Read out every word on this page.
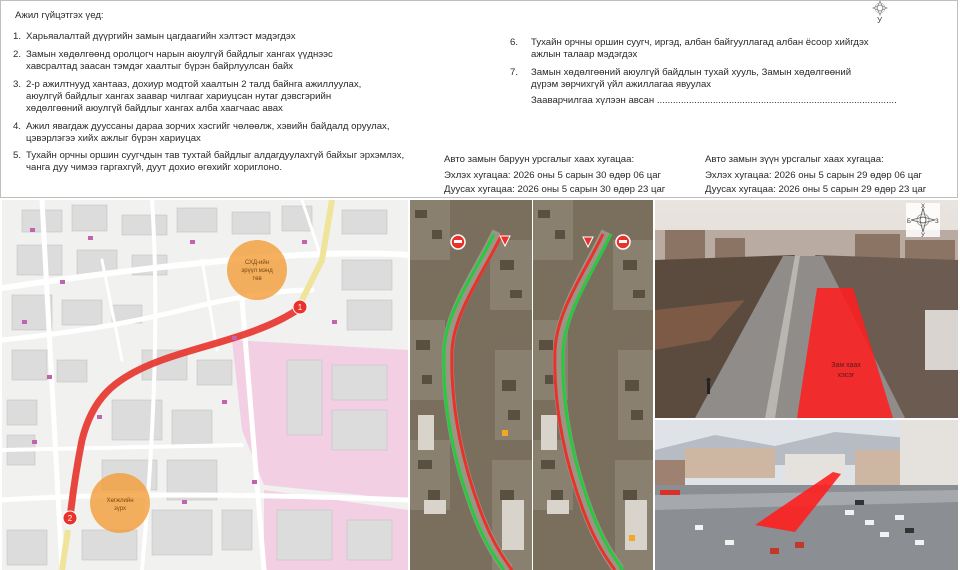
Ажил гүйцэтгэх үед:
1. Харьяалалтай дүүргийн замын цагдаагийн хэлтэст мэдэгдэх
2. Замын хөдөлгөөнд оролцогч нарын аюулгүй байдлыг хангах үүднээс
хавсралтад заасан тэмдэг хаалтыг бүрэн байрлуулсан байх
3. 2-р ажилтнууд хантааз, дохиур модтой хаалтын 2 талд байнга ажиллуулах,
аюулгүй байдлыг хангах заавар чилгааг хариуцсан нутаг дэвсгэрийн
хөдөлгөөний аюулгүй байдлыг хангах алба хаагчаас авах
4. Ажил явагдаж дууссаны дараа зорчих хэсгийг чөлөөлж, хэвийн байдалд оруулах,
цэвэрлэгээ хийх ажлыг бүрэн хариуцах
5. Тухайн орчны оршин суугчдын тав тухтай байдлыг алдагдуулахгүй байхыг эрхэмлэх,
чанга дуу чимээ гаргахгүй, дуут дохио өгөхийг хориглоно.
6. Тухайн орчны оршин суугч, иргэд, албан байгууллагад албан ёсоор хийгдэх
ажлын талаар мэдэгдэх
7. Замын хөдөлгөөний аюулгүй байдлын тухай хууль, Замын хөдөлгөөний
дүрэм зөрчихгүй үйл ажиллагаа явуулах
Зааварчилгаа хүлээн авсан ..........................................................................................
Авто замын баруун урсгалыг хаах хугацаа:
Эхлэх хугацаа: 2026 оны 5 сарын 30 өдөр 06 цаг
Дуусах хугацаа: 2026 оны 5 сарын 30 өдөр 23 цаг
Авто замын зүүн урсгалыг хаах хугацаа:
Эхлэх хугацаа: 2026 оны 5 сарын 29 өдөр 06 цаг
Дуусах хугацаа: 2026 оны 5 сарын 29 өдөр 23 цаг
У
СХД-ийн
эрүүл мэнд
төв
Хөгжлийн
зүрх
1
2
Зам хаах
хэсэг
Х
У
Б	З
